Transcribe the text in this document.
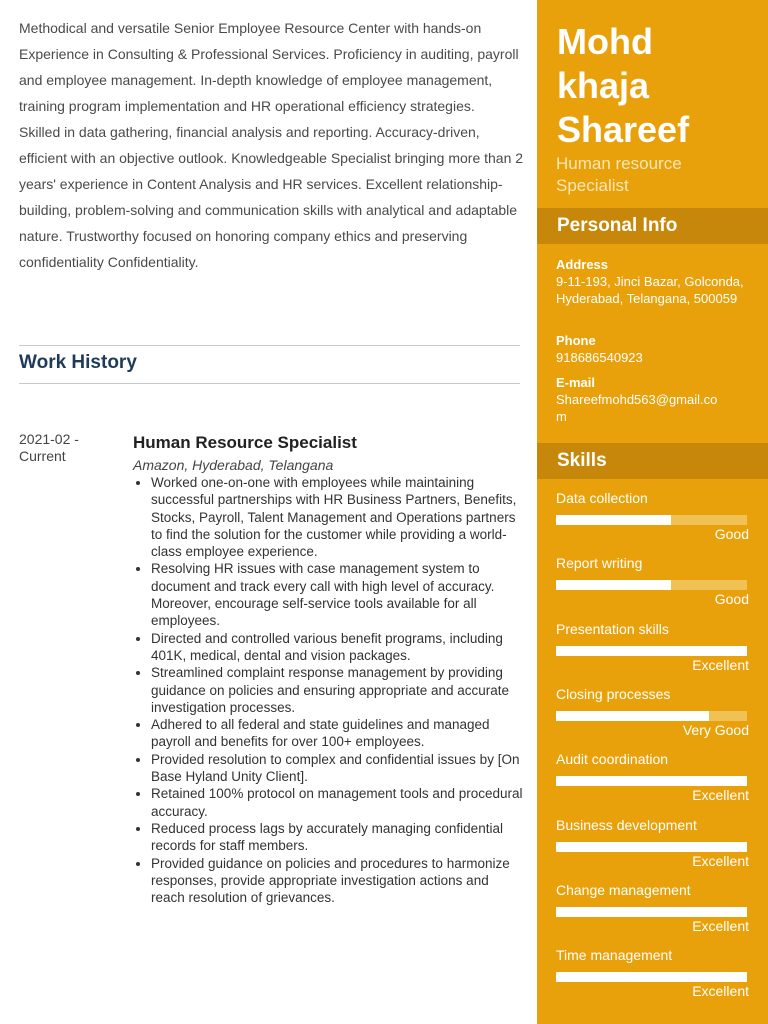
Methodical and versatile Senior Employee Resource Center with hands-on Experience in Consulting & Professional Services. Proficiency in auditing, payroll and employee management. In-depth knowledge of employee management, training program implementation and HR operational efficiency strategies.

Skilled in data gathering, financial analysis and reporting. Accuracy-driven, efficient with an objective outlook. Knowledgeable Specialist bringing more than 2 years' experience in Content Analysis and HR services. Excellent relationship-building, problem-solving and communication skills with analytical and adaptable nature. Trustworthy focused on honoring company ethics and preserving confidentiality Confidentiality.

Work History
2021-02 -
Current
Human Resource Specialist
Amazon, Hyderabad, Telangana
• Worked one-on-one with employees while maintaining successful partnerships with HR Business Partners, Benefits, Stocks, Payroll, Talent Management and Operations partners to find the solution for the customer while providing a world-class employee experience.
• Resolving HR issues with case management system to document and track every call with high level of accuracy. Moreover, encourage self-service tools available for all employees.
• Directed and controlled various benefit programs, including 401K, medical, dental and vision packages.
• Streamlined complaint response management by providing guidance on policies and ensuring appropriate and accurate investigation processes.
• Adhered to all federal and state guidelines and managed payroll and benefits for over 100+ employees.
• Provided resolution to complex and confidential issues by [On Base Hyland Unity Client].
• Retained 100% protocol on management tools and procedural accuracy.
• Reduced process lags by accurately managing confidential records for staff members.
• Provided guidance on policies and procedures to harmonize responses, provide appropriate investigation actions and reach resolution of grievances.
Mohd
khaja
Shareef
Human resource
Specialist
Personal Info
Address
9-11-193, Jinci Bazar, Golconda, Hyderabad, Telangana, 500059
Phone
918686540923
E-mail
Shareefmohd563@gmail.co
m
Skills
Data collection
Good
Report writing
Good
Presentation skills
Excellent
Closing processes
Very Good
Audit coordination
Excellent
Business development
Excellent
Change management
Excellent
Time management
Excellent
